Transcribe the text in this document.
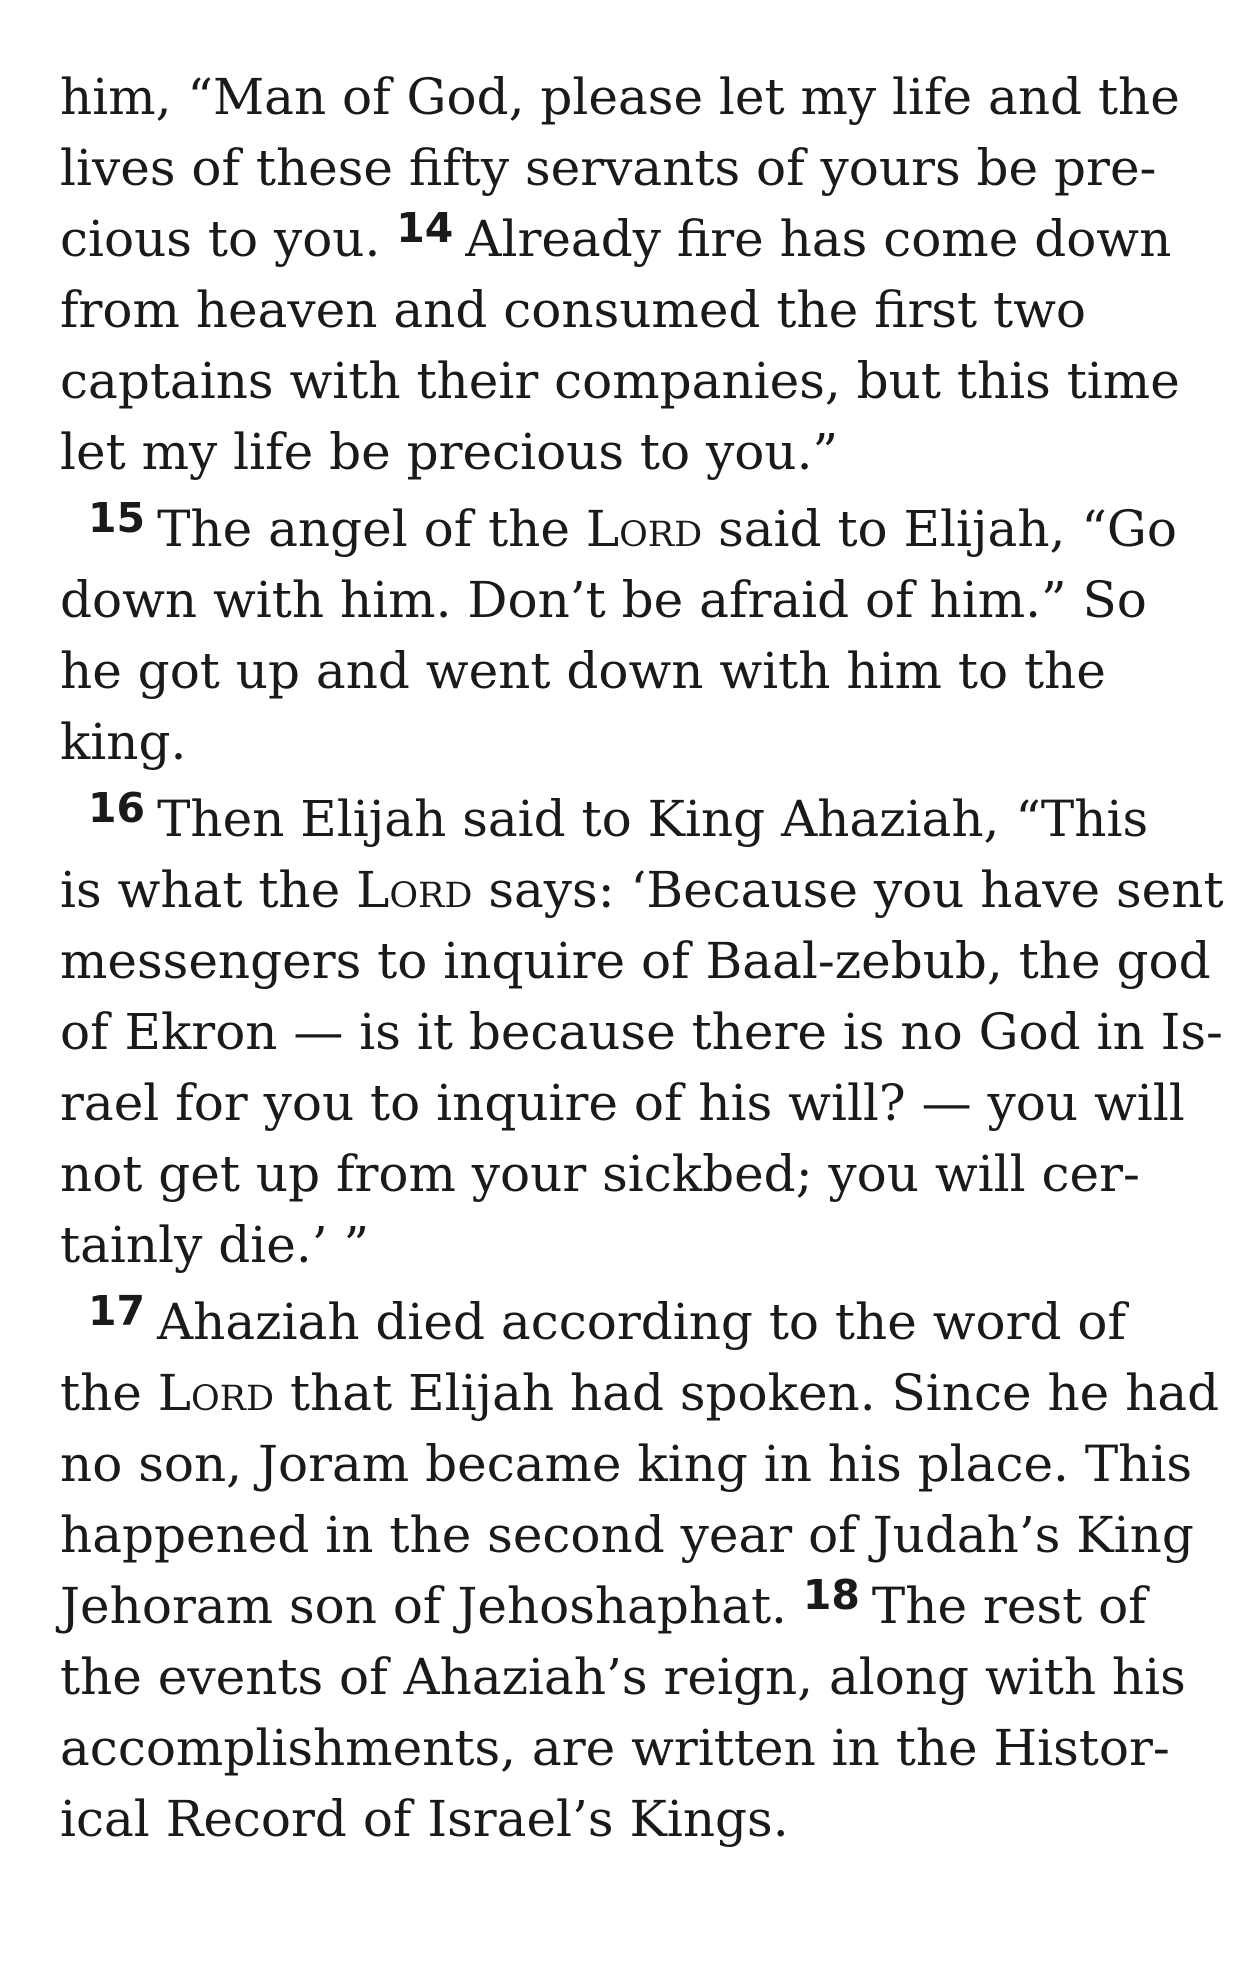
him, “Man of God, please let my life and the
lives of these fifty servants of yours be pre-
cious to you. $^{14}$ Already fire has come down
from heaven and consumed the first two
captains with their companies, but this time
let my life be precious to you.”
$^{15}$ The angel of the Lord said to Elijah, “Go
down with him. Don’t be afraid of him.” So
he got up and went down with him to the
king.
$^{16}$ Then Elijah said to King Ahaziah, “This
is what the Lord says: ‘Because you have sent
messengers to inquire of Baal-zebub, the god
of Ekron — is it because there is no God in Is-
rael for you to inquire of his will? — you will
not get up from your sickbed; you will cer-
tainly die.’ ”
$^{17}$ Ahaziah died according to the word of
the Lord that Elijah had spoken. Since he had
no son, Joram became king in his place. This
happened in the second year of Judah’s King
Jehoram son of Jehoshaphat. $^{18}$ The rest of
the events of Ahaziah’s reign, along with his
accomplishments, are written in the Histor-
ical Record of Israel’s Kings.
